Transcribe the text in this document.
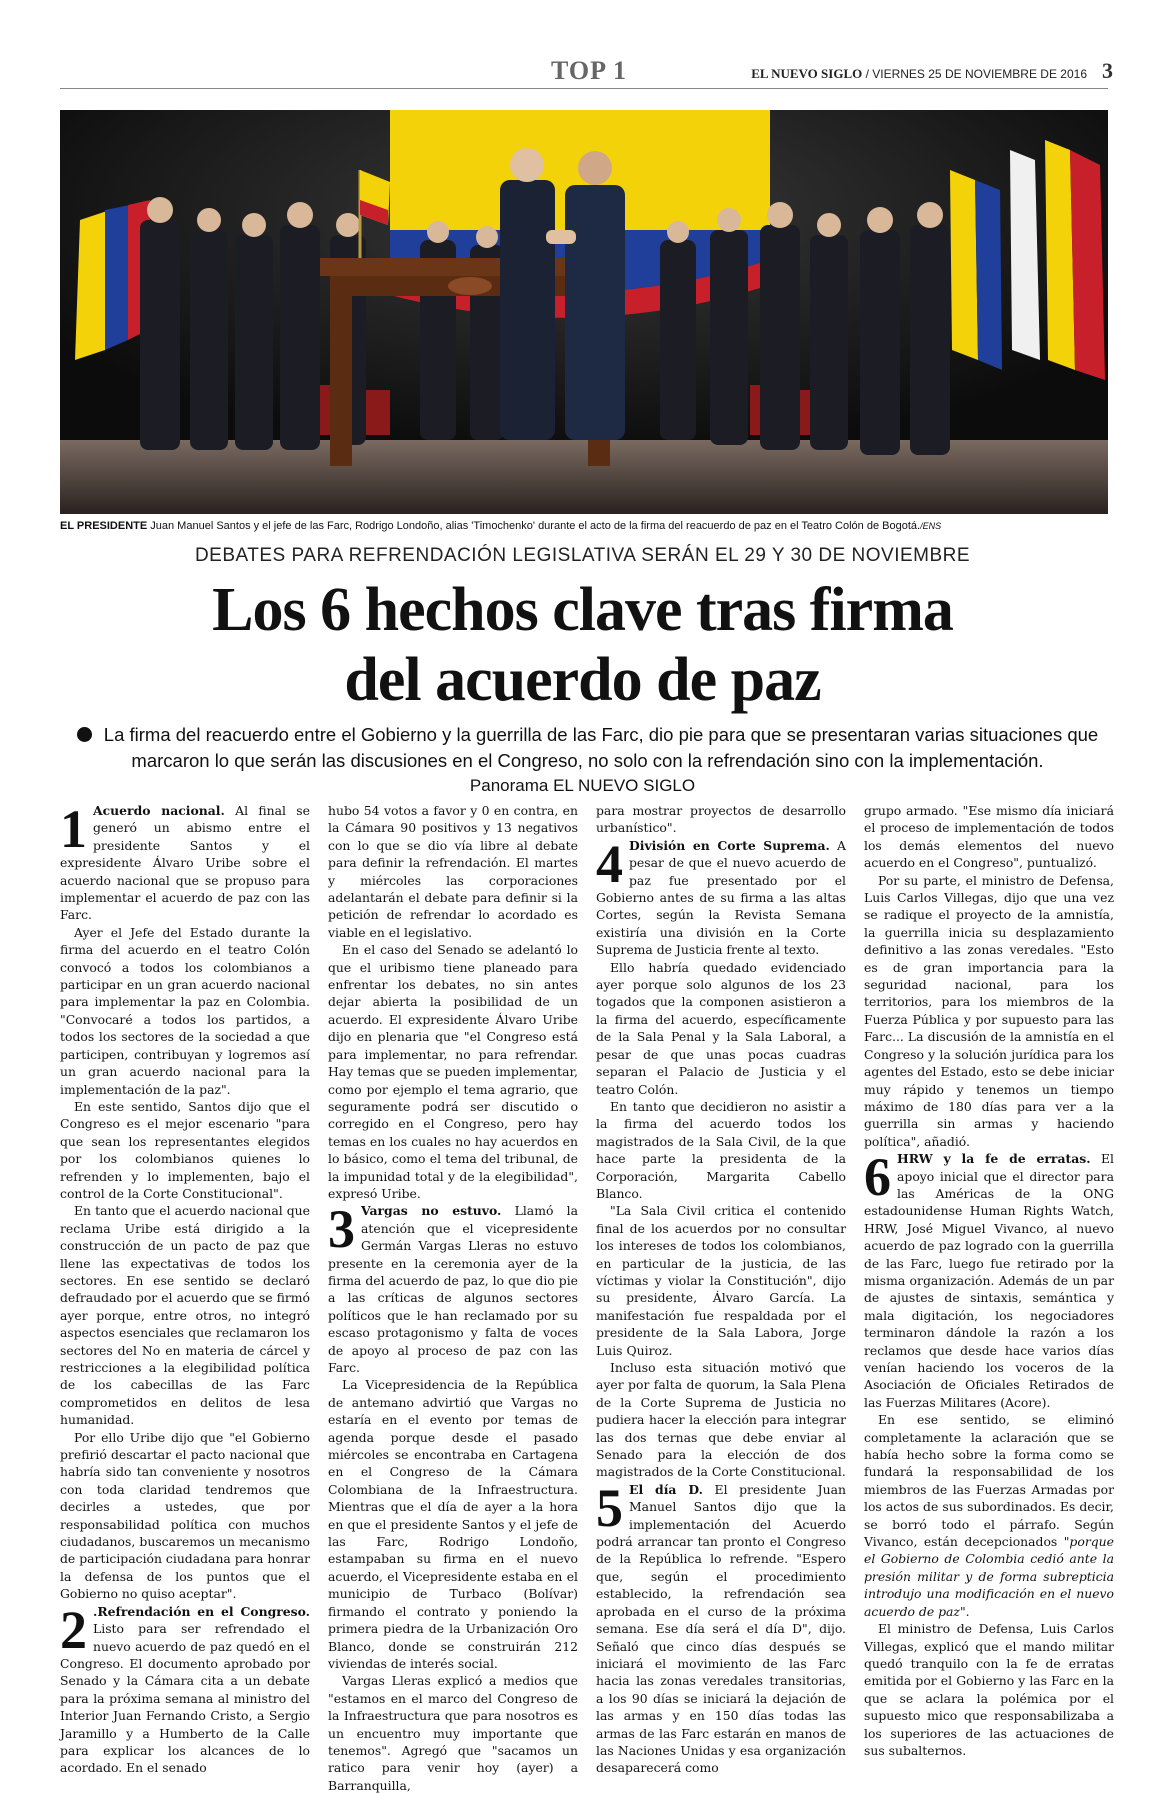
TOP 1	EL NUEVO SIGLO / VIERNES 25 DE NOVIEMBRE DE 2016 3
EL PRESIDENTE Juan Manuel Santos y el jefe de las Farc, Rodrigo Londoño, alias 'Timochenko' durante el acto de la firma del reacuerdo de paz en el Teatro Colón de Bogotá./ENS
DEBATES PARA REFRENDACIÓN LEGISLATIVA SERÁN EL 29 Y 30 DE NOVIEMBRE
Los 6 hechos clave tras firma
del acuerdo de paz
La firma del reacuerdo entre el Gobierno y la guerrilla de las Farc, dio pie para que se presentaran varias situaciones que marcaron lo que serán las discusiones en el Congreso, no solo con la refrendación sino con la implementación.
Panorama EL NUEVO SIGLO

1 Acuerdo nacional. Al final se generó un abismo entre el presidente Santos y el expresidente Álvaro Uribe sobre el acuerdo nacional que se propuso para implementar el acuerdo de paz con las Farc.

Ayer el Jefe del Estado durante la firma del acuerdo en el teatro Colón convocó a todos los colombianos a participar en un gran acuerdo nacional para implementar la paz en Colombia. "Convocaré a todos los partidos, a todos los sectores de la sociedad a que participen, contribuyan y logremos así un gran acuerdo nacional para la implementación de la paz".

En este sentido, Santos dijo que el Congreso es el mejor escenario "para que sean los representantes elegidos por los colombianos quienes lo refrenden y lo implementen, bajo el control de la Corte Constitucional".

En tanto que el acuerdo nacional que reclama Uribe está dirigido a la construcción de un pacto de paz que llene las expectativas de todos los sectores. En ese sentido se declaró defraudado por el acuerdo que se firmó ayer porque, entre otros, no integró aspectos esenciales que reclamaron los sectores del No en materia de cárcel y restricciones a la elegibilidad política de los cabecillas de las Farc comprometidos en delitos de lesa humanidad.

Por ello Uribe dijo que "el Gobierno prefirió descartar el pacto nacional que habría sido tan conveniente y nosotros con toda claridad tendremos que decirles a ustedes, que por responsabilidad política con muchos ciudadanos, buscaremos un mecanismo de participación ciudadana para honrar la defensa de los puntos que el Gobierno no quiso aceptar".

2 .Refrendación en el Congreso. Listo para ser refrendado el nuevo acuerdo de paz quedó en el Congreso. El documento aprobado por Senado y la Cámara cita a un debate para la próxima semana al ministro del Interior Juan Fernando Cristo, a Sergio Jaramillo y a Humberto de la Calle para explicar los alcances de lo acordado. En el senado

hubo 54 votos a favor y 0 en contra, en la Cámara 90 positivos y 13 negativos con lo que se dio vía libre al debate para definir la refrendación. El martes y miércoles las corporaciones adelantarán el debate para definir si la petición de refrendar lo acordado es viable en el legislativo.

En el caso del Senado se adelantó lo que el uribismo tiene planeado para enfrentar los debates, no sin antes dejar abierta la posibilidad de un acuerdo. El expresidente Álvaro Uribe dijo en plenaria que "el Congreso está para implementar, no para refrendar. Hay temas que se pueden implementar, como por ejemplo el tema agrario, que seguramente podrá ser discutido o corregido en el Congreso, pero hay temas en los cuales no hay acuerdos en lo básico, como el tema del tribunal, de la impunidad total y de la elegibilidad", expresó Uribe.

3 Vargas no estuvo. Llamó la atención que el vicepresidente Germán Vargas Lleras no estuvo presente en la ceremonia ayer de la firma del acuerdo de paz, lo que dio pie a las críticas de algunos sectores políticos que le han reclamado por su escaso protagonismo y falta de voces de apoyo al proceso de paz con las Farc.

La Vicepresidencia de la República de antemano advirtió que Vargas no estaría en el evento por temas de agenda porque desde el pasado miércoles se encontraba en Cartagena en el Congreso de la Cámara Colombiana de la Infraestructura. Mientras que el día de ayer a la hora en que el presidente Santos y el jefe de las Farc, Rodrigo Londoño, estampaban su firma en el nuevo acuerdo, el Vicepresidente estaba en el municipio de Turbaco (Bolívar) firmando el contrato y poniendo la primera piedra de la Urbanización Oro Blanco, donde se construirán 212 viviendas de interés social.

Vargas Lleras explicó a medios que "estamos en el marco del Congreso de la Infraestructura que para nosotros es un encuentro muy importante que tenemos". Agregó que "sacamos un ratico para venir hoy (ayer) a Barranquilla,

para mostrar proyectos de desarrollo urbanístico".

4 División en Corte Suprema. A pesar de que el nuevo acuerdo de paz fue presentado por el Gobierno antes de su firma a las altas Cortes, según la Revista Semana existiría una división en la Corte Suprema de Justicia frente al texto.

Ello habría quedado evidenciado ayer porque solo algunos de los 23 togados que la componen asistieron a la firma del acuerdo, específicamente de la Sala Penal y la Sala Laboral, a pesar de que unas pocas cuadras separan el Palacio de Justicia y el teatro Colón.

En tanto que decidieron no asistir a la firma del acuerdo todos los magistrados de la Sala Civil, de la que hace parte la presidenta de la Corporación, Margarita Cabello Blanco.

"La Sala Civil critica el contenido final de los acuerdos por no consultar los intereses de todos los colombianos, en particular de la justicia, de las víctimas y violar la Constitución", dijo su presidente, Álvaro García. La manifestación fue respaldada por el presidente de la Sala Labora, Jorge Luis Quiroz.

Incluso esta situación motivó que ayer por falta de quorum, la Sala Plena de la Corte Suprema de Justicia no pudiera hacer la elección para integrar las dos ternas que debe enviar al Senado para la elección de dos magistrados de la Corte Constitucional.

5 El día D. El presidente Juan Manuel Santos dijo que la implementación del Acuerdo podrá arrancar tan pronto el Congreso de la República lo refrende. "Espero que, según el procedimiento establecido, la refrendación sea aprobada en el curso de la próxima semana. Ese día será el día D", dijo. Señaló que cinco días después se iniciará el movimiento de las Farc hacia las zonas veredales transitorias, a los 90 días se iniciará la dejación de las armas y en 150 días todas las armas de las Farc estarán en manos de las Naciones Unidas y esa organización desaparecerá como

grupo armado. "Ese mismo día iniciará el proceso de implementación de todos los demás elementos del nuevo acuerdo en el Congreso", puntualizó.

Por su parte, el ministro de Defensa, Luis Carlos Villegas, dijo que una vez se radique el proyecto de la amnistía, la guerrilla inicia su desplazamiento definitivo a las zonas veredales. "Esto es de gran importancia para la seguridad nacional, para los territorios, para los miembros de la Fuerza Pública y por supuesto para las Farc... La discusión de la amnistía en el Congreso y la solución jurídica para los agentes del Estado, esto se debe iniciar muy rápido y tenemos un tiempo máximo de 180 días para ver a la guerrilla sin armas y haciendo política", añadió.

6 HRW y la fe de erratas. El apoyo inicial que el director para las Américas de la ONG estadounidense Human Rights Watch, HRW, José Miguel Vivanco, al nuevo acuerdo de paz logrado con la guerrilla de las Farc, luego fue retirado por la misma organización. Además de un par de ajustes de sintaxis, semántica y mala digitación, los negociadores terminaron dándole la razón a los reclamos que desde hace varios días venían haciendo los voceros de la Asociación de Oficiales Retirados de las Fuerzas Militares (Acore).

En ese sentido, se eliminó completamente la aclaración que se había hecho sobre la forma como se fundará la responsabilidad de los miembros de las Fuerzas Armadas por los actos de sus subordinados. Es decir, se borró todo el párrafo. Según Vivanco, están decepcionados "porque el Gobierno de Colombia cedió ante la presión militar y de forma subrepticia introdujo una modificación en el nuevo acuerdo de paz".

El ministro de Defensa, Luis Carlos Villegas, explicó que el mando militar quedó tranquilo con la fe de erratas emitida por el Gobierno y las Farc en la que se aclara la polémica por el supuesto mico que responsabilizaba a los superiores de las actuaciones de sus subalternos.
